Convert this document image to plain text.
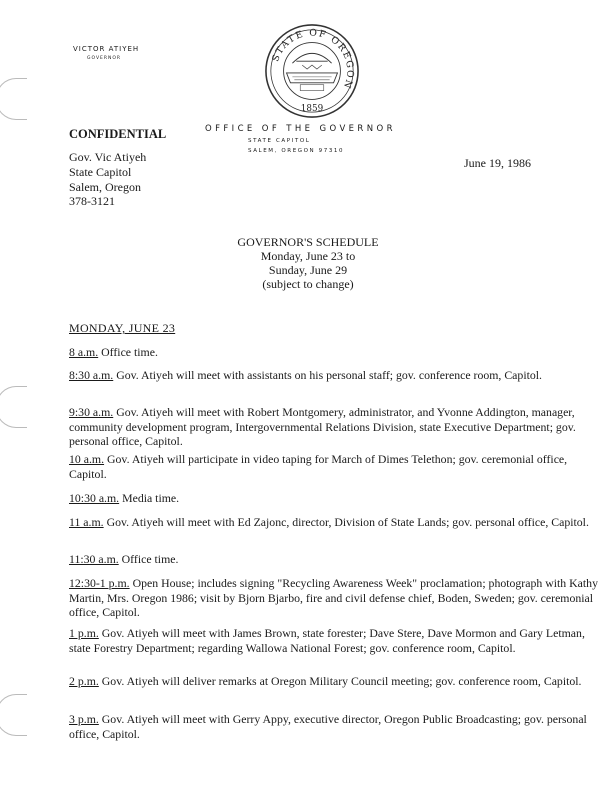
VICTOR ATIYEH
GOVERNOR	STATE OF OREGON
1859
OFFICE OF THE GOVERNOR
STATE CAPITOL
SALEM, OREGON 97310
CONFIDENTIAL
June 19, 1986
Gov. Vic Atiyeh
State Capitol
Salem, Oregon
378-3121
GOVERNOR'S SCHEDULE
Monday, June 23 to
Sunday, June 29
(subject to change)
MONDAY, JUNE 23
8 a.m. Office time.
8:30 a.m. Gov. Atiyeh will meet with assistants on his personal staff; gov. conference room, Capitol.
9:30 a.m. Gov. Atiyeh will meet with Robert Montgomery, administrator, and Yvonne Addington, manager, community development program, Intergovernmental Relations Division, state Executive Department; gov. personal office, Capitol.
10 a.m. Gov. Atiyeh will participate in video taping for March of Dimes Telethon; gov. ceremonial office, Capitol.
10:30 a.m. Media time.
11 a.m. Gov. Atiyeh will meet with Ed Zajonc, director, Division of State Lands; gov. personal office, Capitol.
11:30 a.m. Office time.
12:30-1 p.m. Open House; includes signing "Recycling Awareness Week" proclamation; photograph with Kathy Martin, Mrs. Oregon 1986; visit by Bjorn Bjarbo, fire and civil defense chief, Boden, Sweden; gov. ceremonial office, Capitol.
1 p.m. Gov. Atiyeh will meet with James Brown, state forester; Dave Stere, Dave Mormon and Gary Letman, state Forestry Department; regarding Wallowa National Forest; gov. conference room, Capitol.
2 p.m. Gov. Atiyeh will deliver remarks at Oregon Military Council meeting; gov. conference room, Capitol.
3 p.m. Gov. Atiyeh will meet with Gerry Appy, executive director, Oregon Public Broadcasting; gov. personal office, Capitol.
